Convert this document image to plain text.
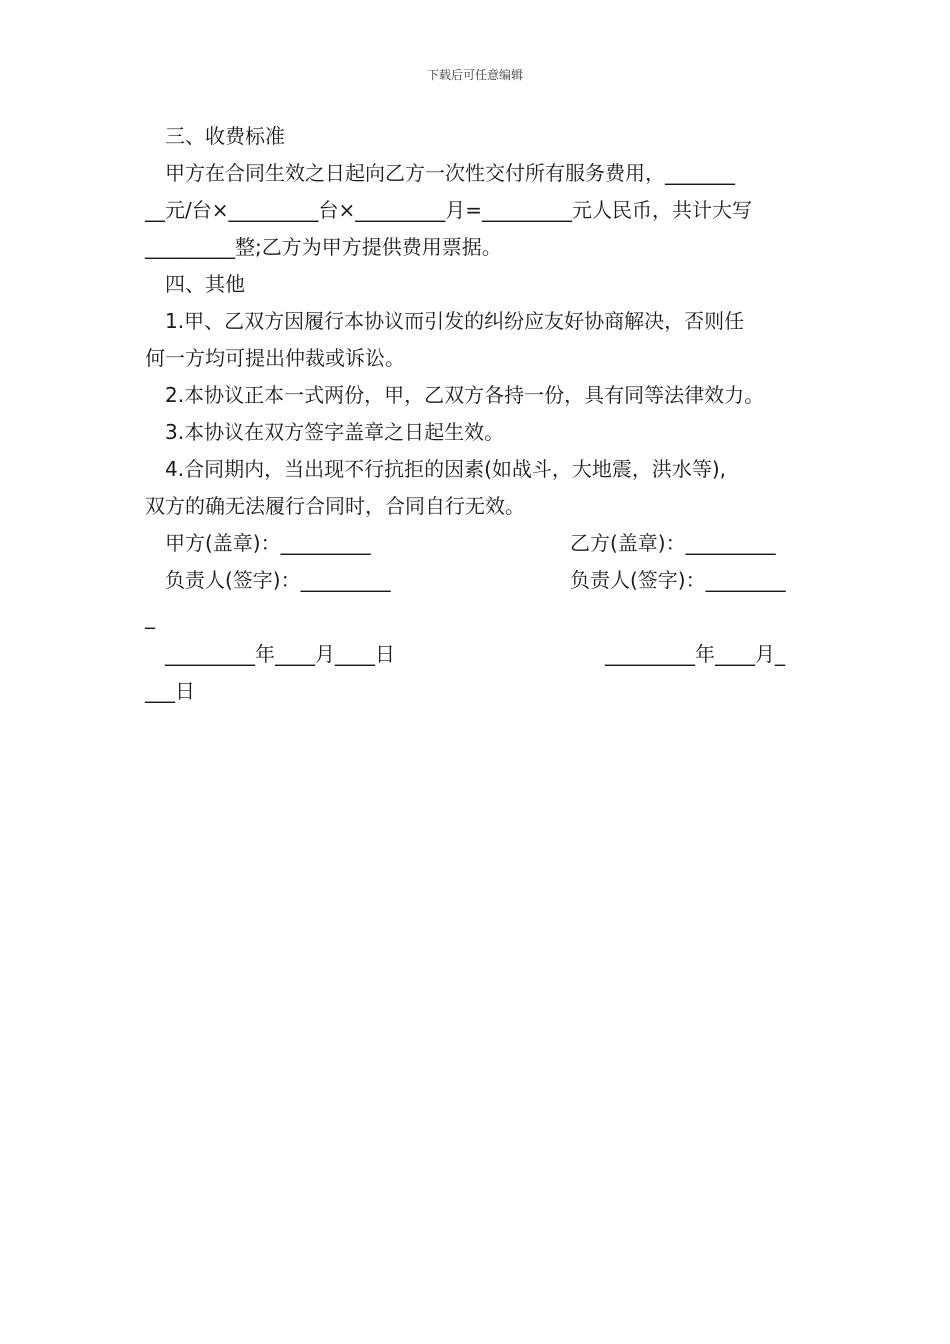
下载后可任意编辑
三、收费标准
甲方在合同生效之日起向乙方一次性交付所有服务费用，_______
__元/台×_________台×_________月=_________元人民币，共计大写
_________整;乙方为甲方提供费用票据。
四、其他
1.甲、乙双方因履行本协议而引发的纠纷应友好协商解决，否则任
何一方均可提出仲裁或诉讼。
2.本协议正本一式两份，甲，乙双方各持一份，具有同等法律效力。
3.本协议在双方签字盖章之日起生效。
4.合同期内，当出现不行抗拒的因素(如战斗，大地震，洪水等),
双方的确无法履行合同时，合同自行无效。

甲方(盖章)：_________

	乙方(盖章)：_________

负责人(签字)：_________

	负责人(签字)：________

_

_________年____月____日

	_________年____月_

___日
